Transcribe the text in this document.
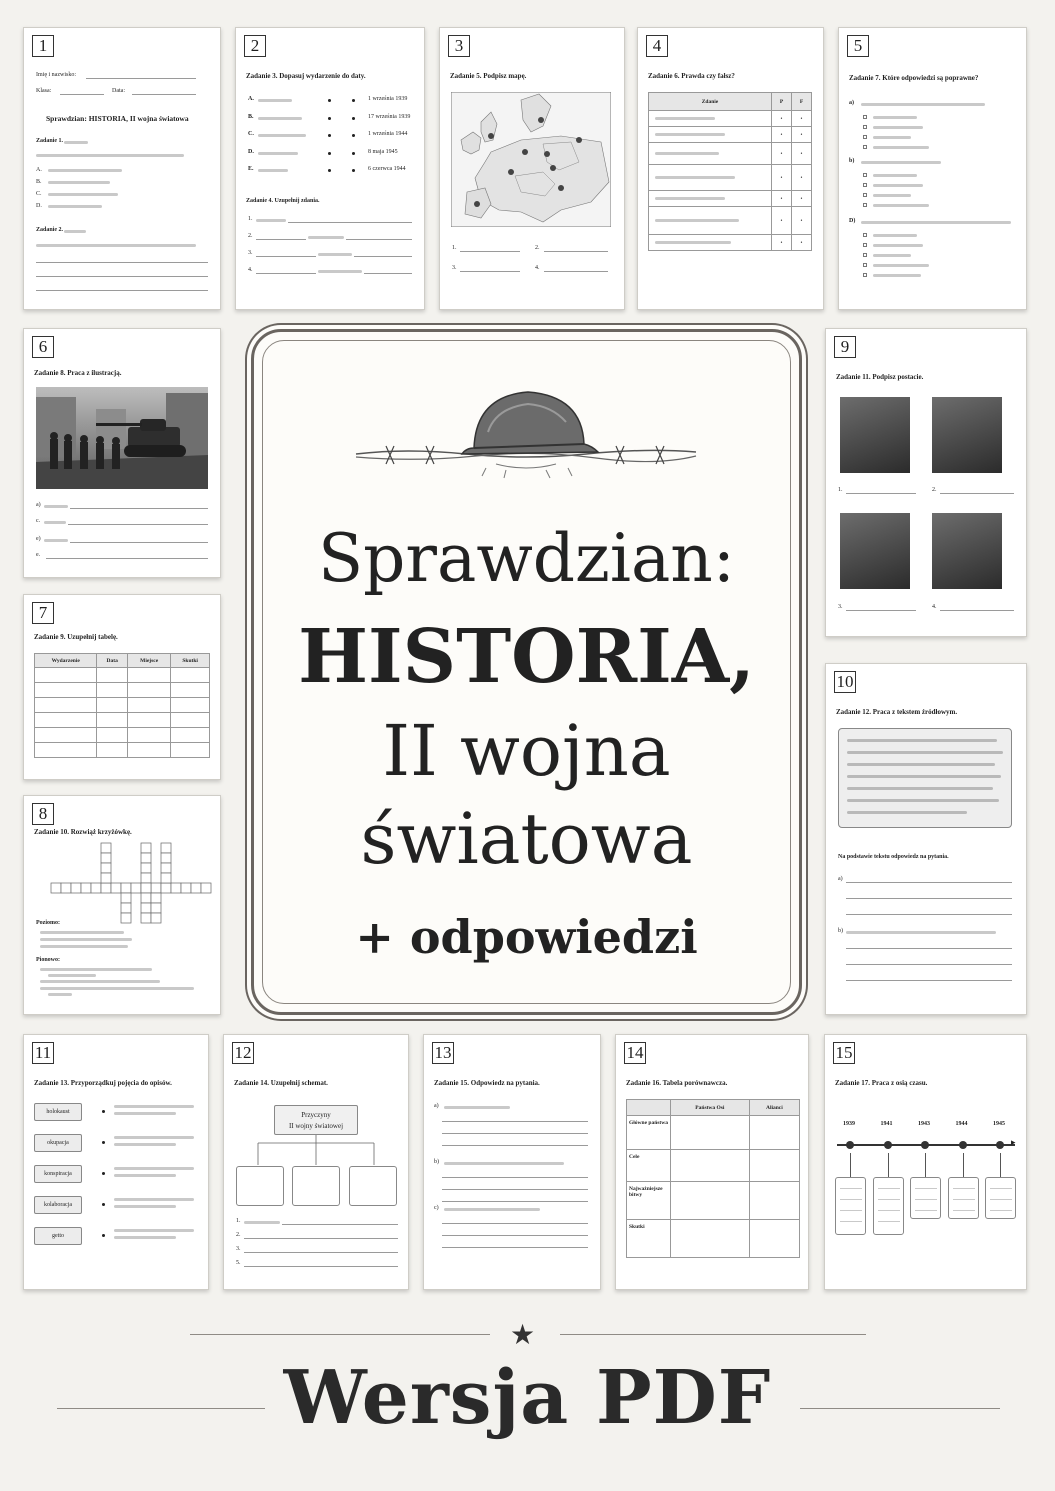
1
Imię i nazwisko:
Klasa:	Data:
Sprawdzian: HISTORIA, II wojna światowa
Zadanie 1.
A.
B.
C.
D.
Zadanie 2.
2
Zadanie 3. Dopasuj wydarzenie do daty.
Zadanie 4. Uzupełnij zdania.
1.
2.
3.
4.
A.	1 września 1939
B.	17 września 1939
C.	1 września 1944
D.	8 maja 1945
E.	6 czerwca 1944
3
Zadanie 5. Podpisz mapę.
1.	2.
3.	4.
4
Zadanie 6. Prawda czy fałsz?
Zdanie	P	F

	•	•

	•	•

	•	•

	•	•

	•	•

	•	•

	•	•
5
Zadanie 7. Które odpowiedzi są poprawne?
a)
b)
D)
6
Zadanie 8. Praca z ilustracją.
a)
c.
e)
e.
7
Zadanie 9. Uzupełnij tabelę.
Wydarzenie	Data	Miejsce	Skutki

8
Zadanie 10. Rozwiąż krzyżówkę.
Poziomo:
Pionowo:
Sprawdzian:
HISTORIA,
II wojna
światowa
+ odpowiedzi
9
Zadanie 11. Podpisz postacie.
1.	2.
3.	4.
10
Zadanie 12. Praca z tekstem źródłowym.
Na podstawie tekstu odpowiedz na pytania.
a)
b)
11
Zadanie 13. Przyporządkuj pojęcia do opisów.
holokaust
okupacja
konspiracja
kolaboracja
getto
12
Zadanie 14. Uzupełnij schemat.
Przyczyny
II wojny światowej
1.
2.
3.
5.
13
Zadanie 15. Odpowiedz na pytania.
a)
b)
c)
14
Zadanie 16. Tabela porównawcza.
	Państwa Osi	Alianci
Główne państwa		
Cele		
Najważniejsze bitwy		
Skutki		
15
Zadanie 17. Praca z osią czasu.
▸
1939	1941	1943	1944	1945
★
Wersja PDF
